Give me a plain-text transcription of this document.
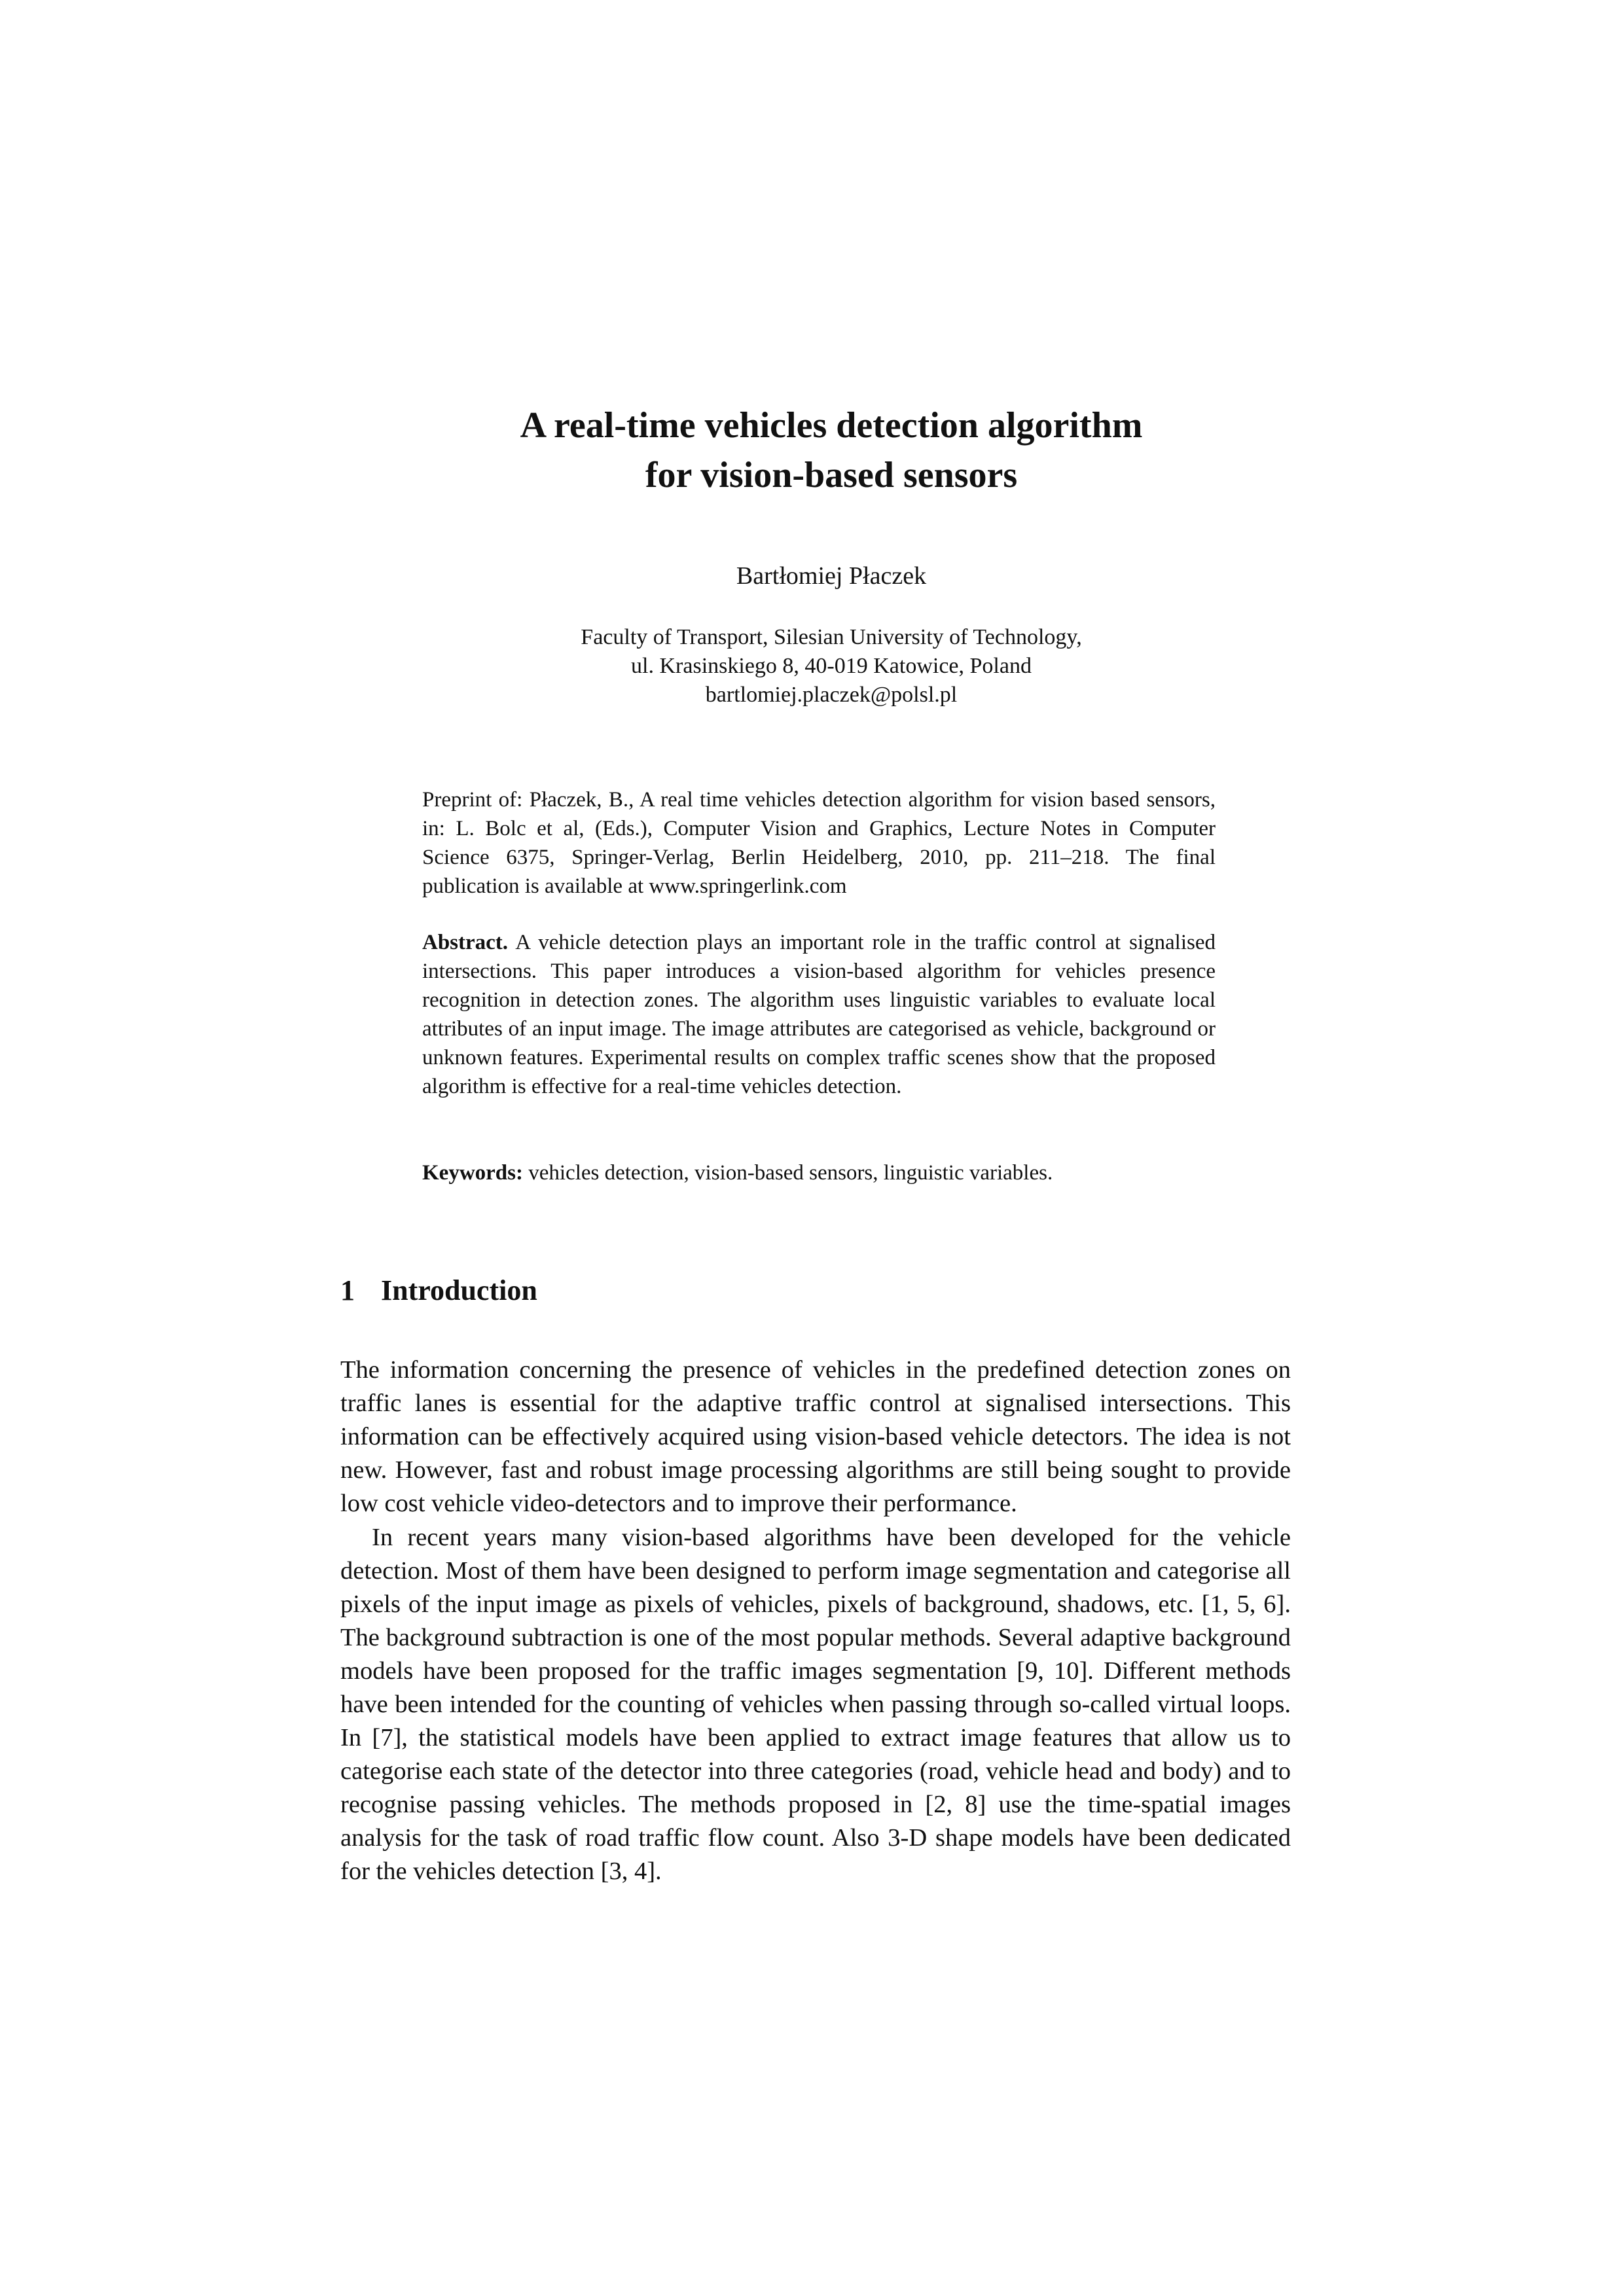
A real-time vehicles detection algorithm
for vision-based sensors

Bartłomiej Płaczek

Faculty of Transport, Silesian University of Technology,
ul. Krasinskiego 8, 40-019 Katowice, Poland
bartlomiej.placzek@polsl.pl

Preprint of: Płaczek, B., A real time vehicles detection algorithm for vision based sensors, in: L. Bolc et al, (Eds.), Computer Vision and Graphics, Lecture Notes in Computer Science 6375, Springer-Verlag, Berlin Heidelberg, 2010, pp. 211–218. The final publication is available at www.springerlink.com

Abstract. A vehicle detection plays an important role in the traffic control at signalised intersections. This paper introduces a vision-based algorithm for vehicles presence recognition in detection zones. The algorithm uses linguistic variables to evaluate local attributes of an input image. The image attributes are categorised as vehicle, background or unknown features. Experimental results on complex traffic scenes show that the proposed algorithm is effective for a real-time vehicles detection.

Keywords: vehicles detection, vision-based sensors, linguistic variables.

1 Introduction

The information concerning the presence of vehicles in the predefined detection zones on traffic lanes is essential for the adaptive traffic control at signalised intersections. This information can be effectively acquired using vision-based vehicle detectors. The idea is not new. However, fast and robust image processing algorithms are still being sought to provide low cost vehicle video-detectors and to improve their performance.

In recent years many vision-based algorithms have been developed for the vehicle detection. Most of them have been designed to perform image segmentation and categorise all pixels of the input image as pixels of vehicles, pixels of background, shadows, etc. [1, 5, 6]. The background subtraction is one of the most popular methods. Several adaptive background models have been proposed for the traffic images segmentation [9, 10]. Different methods have been intended for the counting of vehicles when passing through so-called virtual loops. In [7], the statistical models have been applied to extract image features that allow us to categorise each state of the detector into three categories (road, vehicle head and body) and to recognise passing vehicles. The methods proposed in [2, 8] use the time-spatial images analysis for the task of road traffic flow count. Also 3-D shape models have been dedicated for the vehicles detection [3, 4].
